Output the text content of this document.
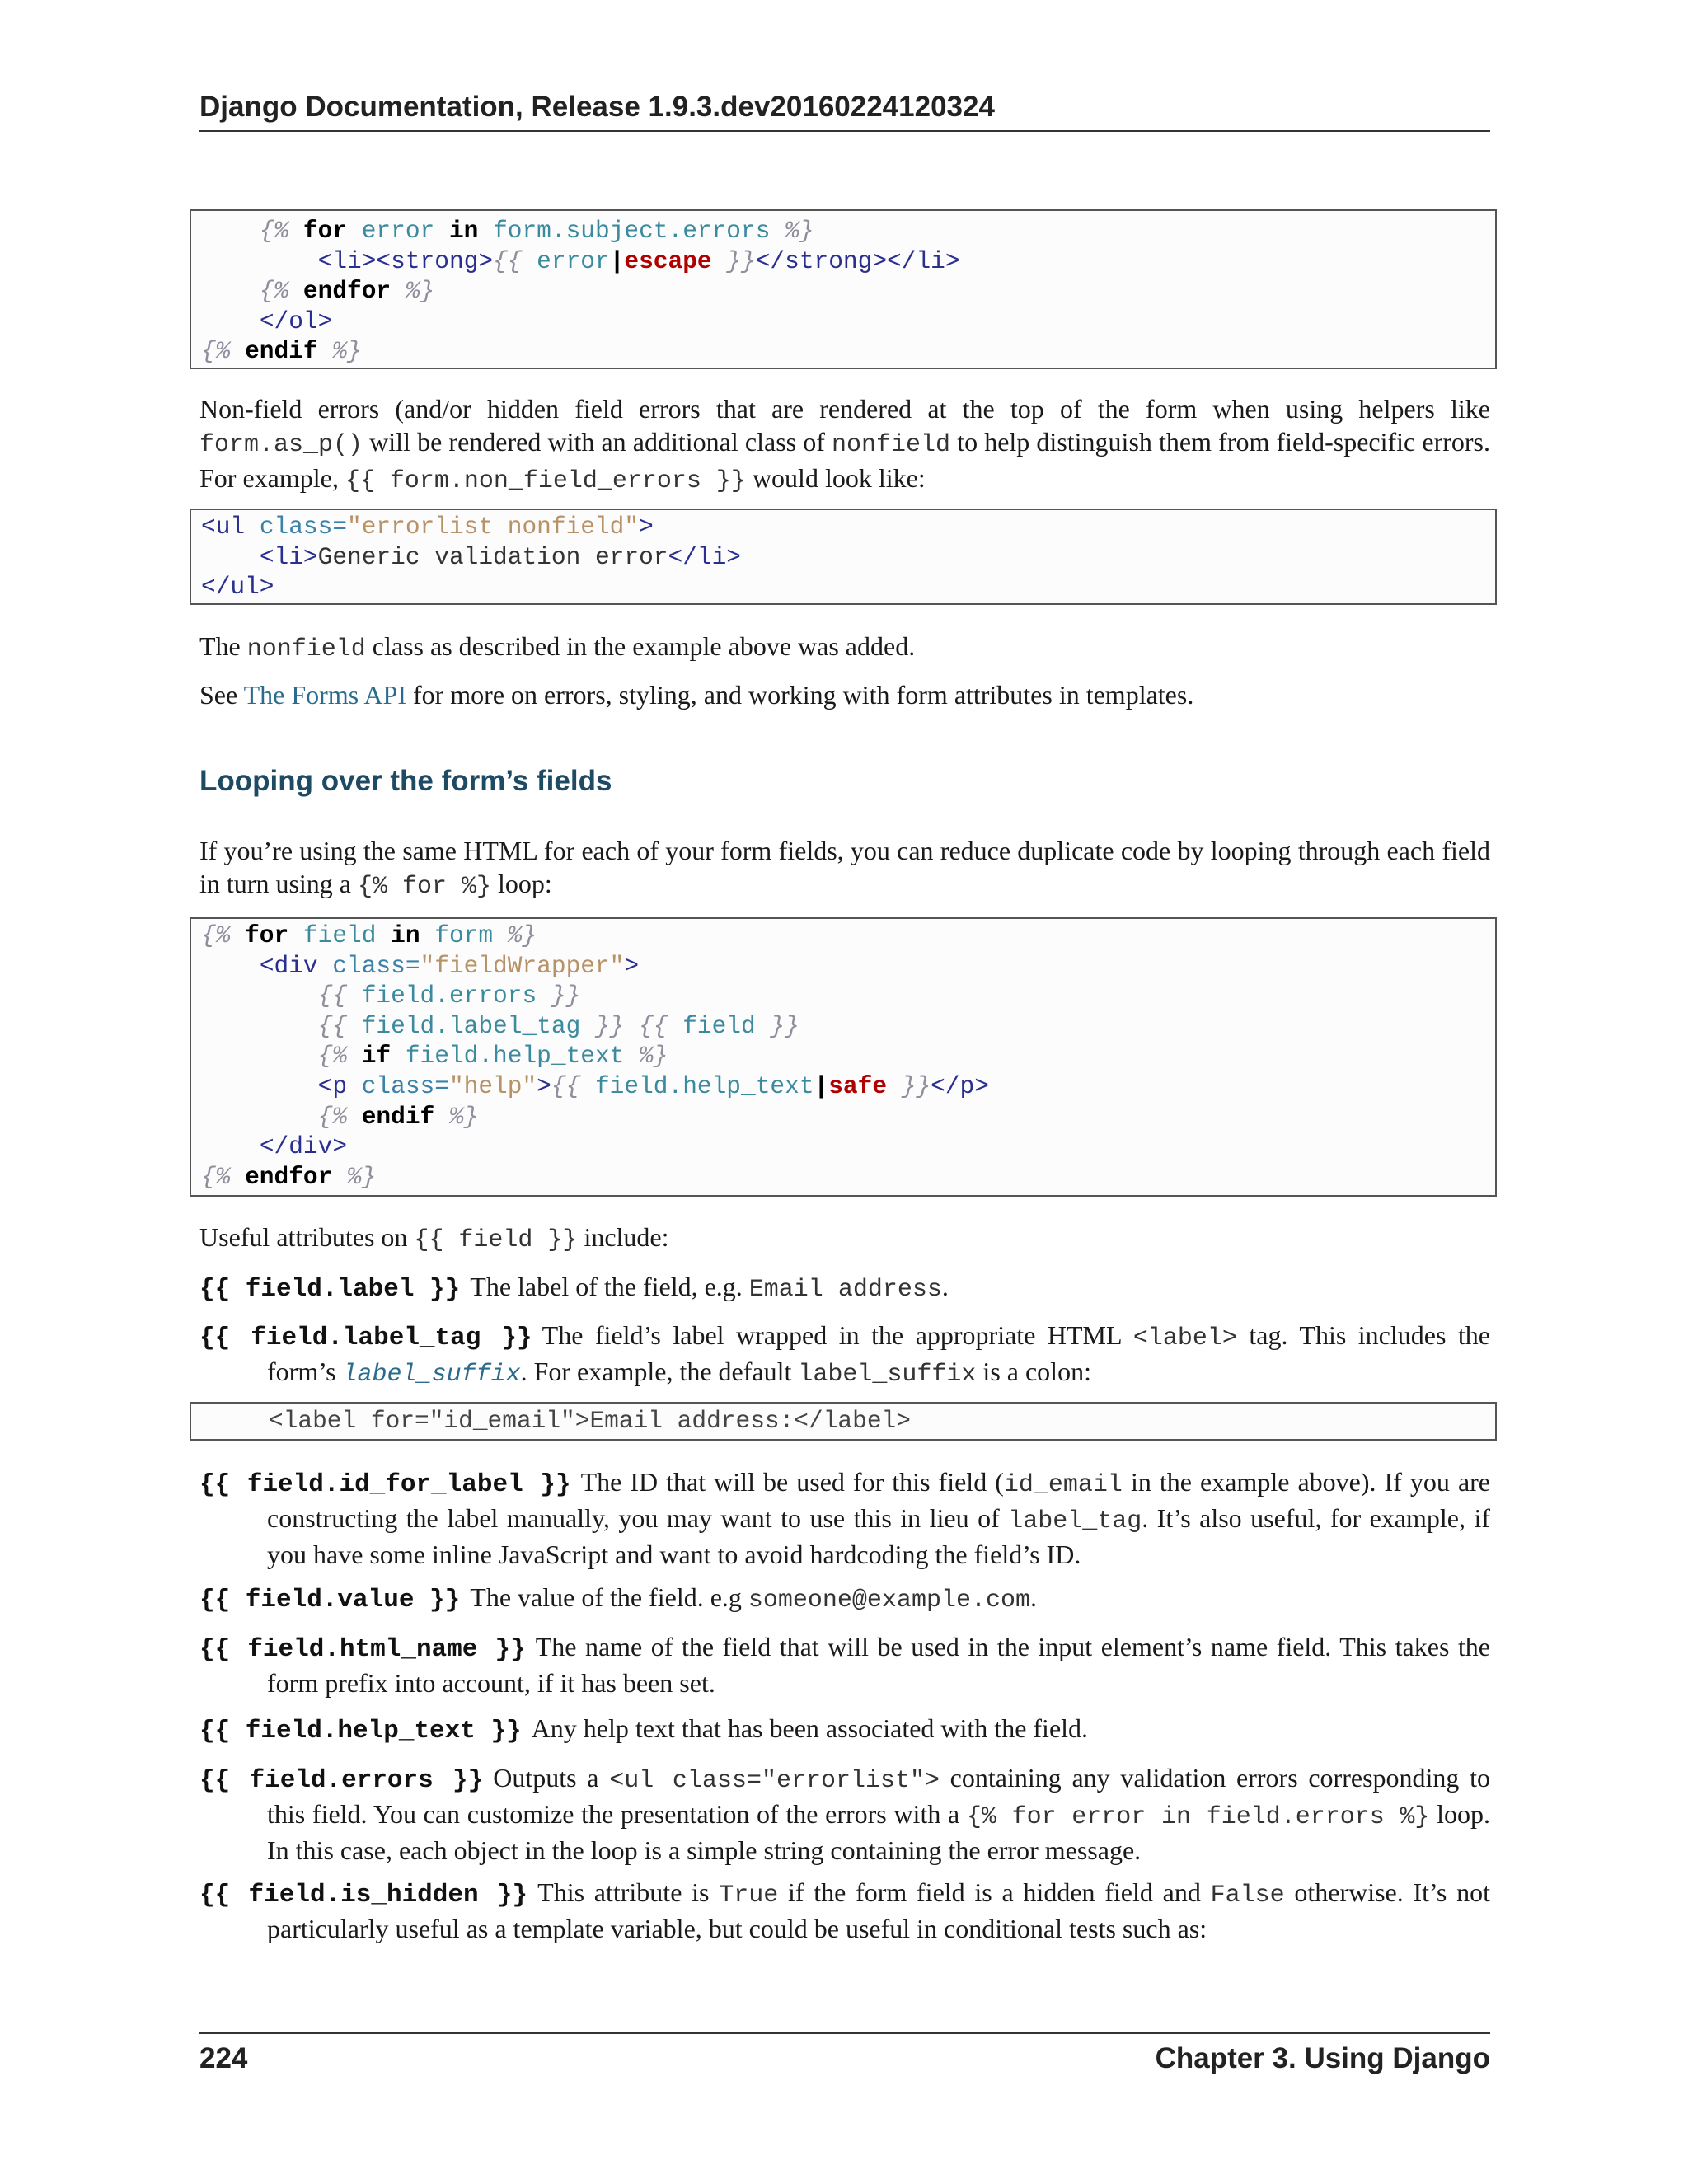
Django Documentation, Release 1.9.3.dev20160224120324
{% for error in form.subject.errors %}
<li><strong>{{ error|escape }}</strong></li>
{% endfor %}
</ol>
{% endif %}
Non-field errors (and/or hidden field errors that are rendered at the top of the form when using helpers like form.as_p() will be rendered with an additional class of nonfield to help distinguish them from field-specific errors. For example, {{ form.non_field_errors }} would look like:
<ul class="errorlist nonfield">
<li>Generic validation error</li>
</ul>
The nonfield class as described in the example above was added.
See The Forms API for more on errors, styling, and working with form attributes in templates.
Looping over the form’s fields
If you’re using the same HTML for each of your form fields, you can reduce duplicate code by looping through each field in turn using a {% for %} loop:
{% for field in form %}
<div class="fieldWrapper">
{{ field.errors }}
{{ field.label_tag }} {{ field }}
{% if field.help_text %}
<p class="help">{{ field.help_text|safe }}</p>
{% endif %}
</div>
{% endfor %}
Useful attributes on {{ field }} include:
{{ field.label }} The label of the field, e.g. Email address.
{{ field.label_tag }} The field’s label wrapped in the appropriate HTML <label> tag. This includes the form’s label_suffix. For example, the default label_suffix is a colon:
<label for="id_email">Email address:</label>
{{ field.id_for_label }} The ID that will be used for this field (id_email in the example above). If you are constructing the label manually, you may want to use this in lieu of label_tag. It’s also useful, for example, if you have some inline JavaScript and want to avoid hardcoding the field’s ID.
{{ field.value }} The value of the field. e.g someone@example.com.
{{ field.html_name }} The name of the field that will be used in the input element’s name field. This takes the form prefix into account, if it has been set.
{{ field.help_text }} Any help text that has been associated with the field.
{{ field.errors }} Outputs a <ul class="errorlist"> containing any validation errors corresponding to this field. You can customize the presentation of the errors with a {% for error in field.errors %} loop. In this case, each object in the loop is a simple string containing the error message.
{{ field.is_hidden }} This attribute is True if the form field is a hidden field and False otherwise. It’s not particularly useful as a template variable, but could be useful in conditional tests such as:
224	Chapter 3. Using Django
